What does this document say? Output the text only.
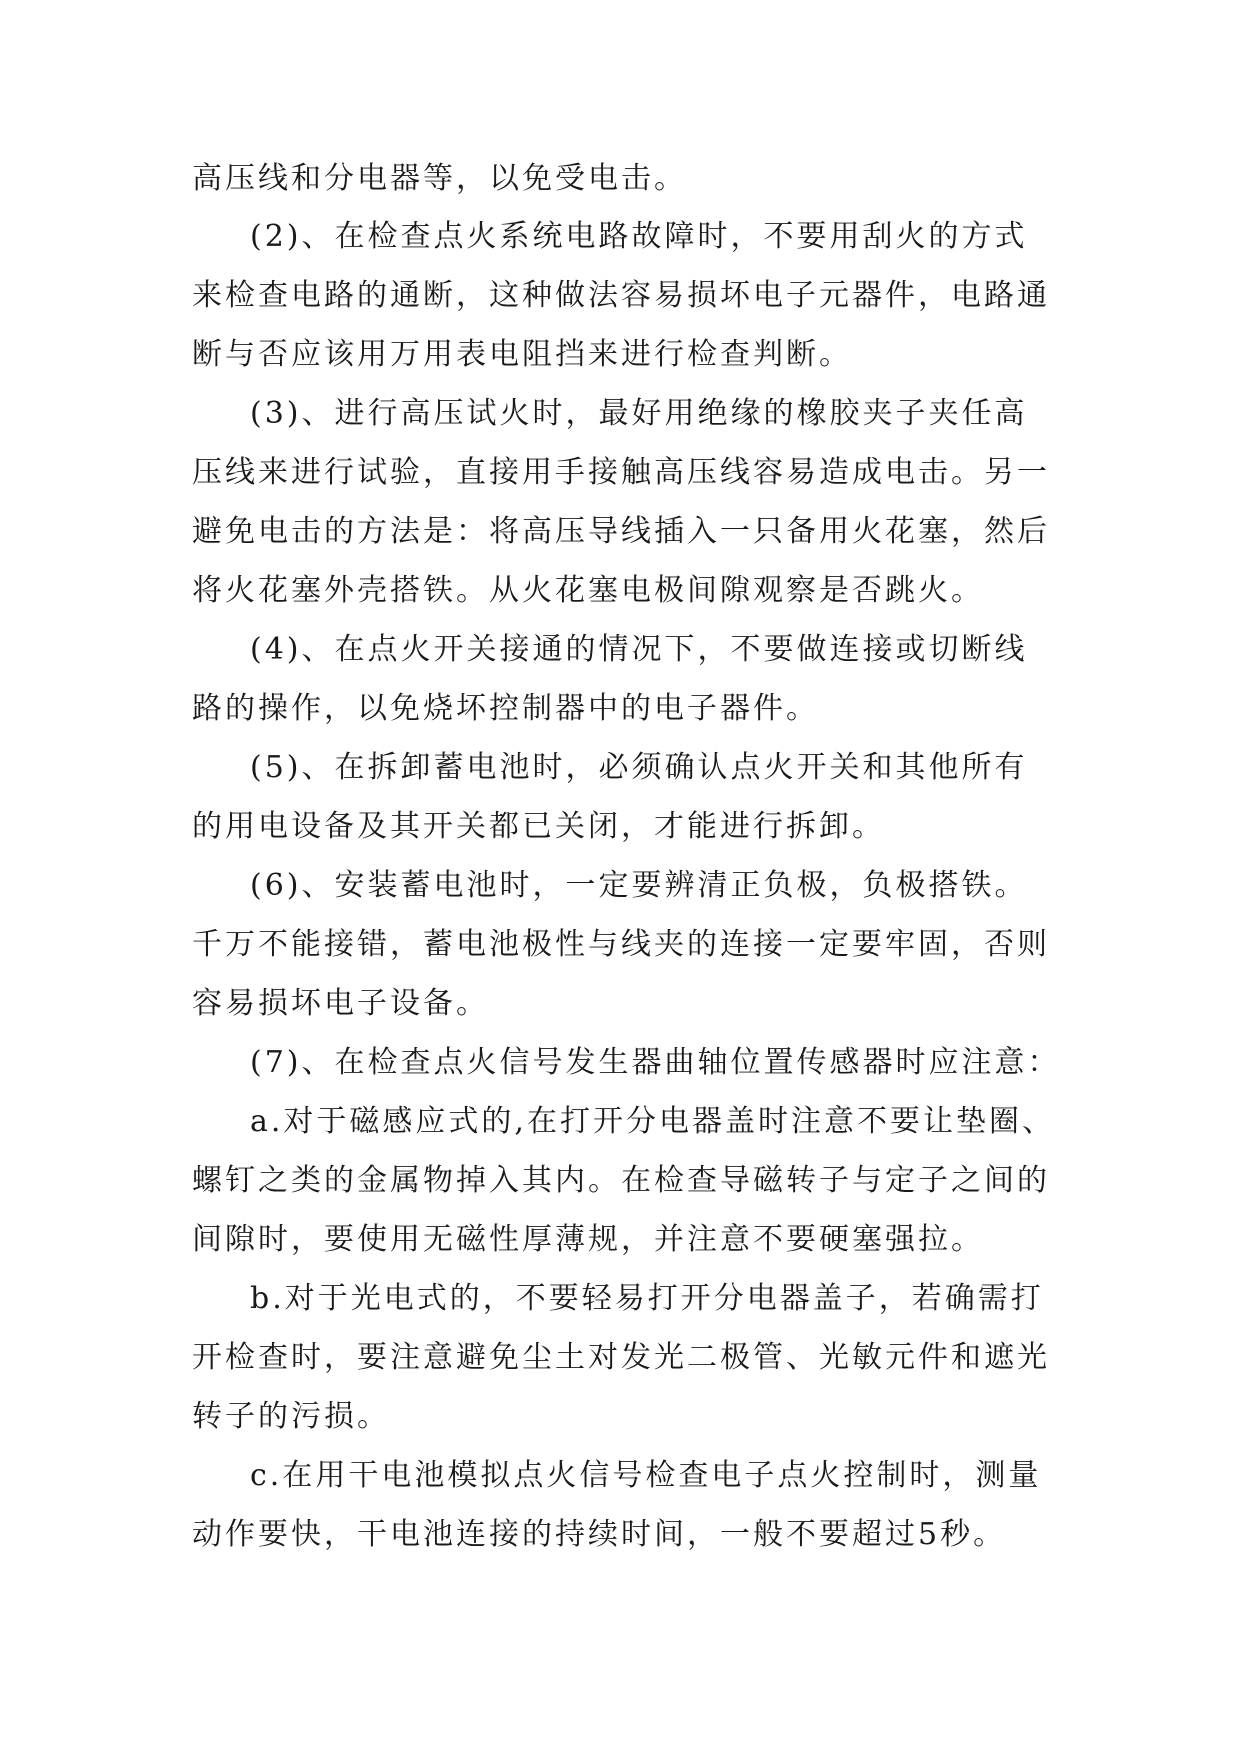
高压线和分电器等，以免受电击。
(2)、在检查点火系统电路故障时，不要用刮火的方式
来检查电路的通断，这种做法容易损坏电子元器件，电路通
断与否应该用万用表电阻挡来进行检查判断。
(3)、进行高压试火时，最好用绝缘的橡胶夹子夹任高
压线来进行试验，直接用手接触高压线容易造成电击。另一
避免电击的方法是：将高压导线插入一只备用火花塞，然后
将火花塞外壳搭铁。从火花塞电极间隙观察是否跳火。
(4)、在点火开关接通的情况下，不要做连接或切断线
路的操作，以免烧坏控制器中的电子器件。
(5)、在拆卸蓄电池时，必须确认点火开关和其他所有
的用电设备及其开关都已关闭，才能进行拆卸。
(6)、安装蓄电池时，一定要辨清正负极，负极搭铁。
千万不能接错，蓄电池极性与线夹的连接一定要牢固，否则
容易损坏电子设备。
(7)、在检查点火信号发生器曲轴位置传感器时应注意：
a.对于磁感应式的,在打开分电器盖时注意不要让垫圈、
螺钉之类的金属物掉入其内。在检查导磁转子与定子之间的
间隙时，要使用无磁性厚薄规，并注意不要硬塞强拉。
b.对于光电式的，不要轻易打开分电器盖子，若确需打
开检查时，要注意避免尘土对发光二极管、光敏元件和遮光
转子的污损。
c.在用干电池模拟点火信号检查电子点火控制时，测量
动作要快，干电池连接的持续时间，一般不要超过5秒。
